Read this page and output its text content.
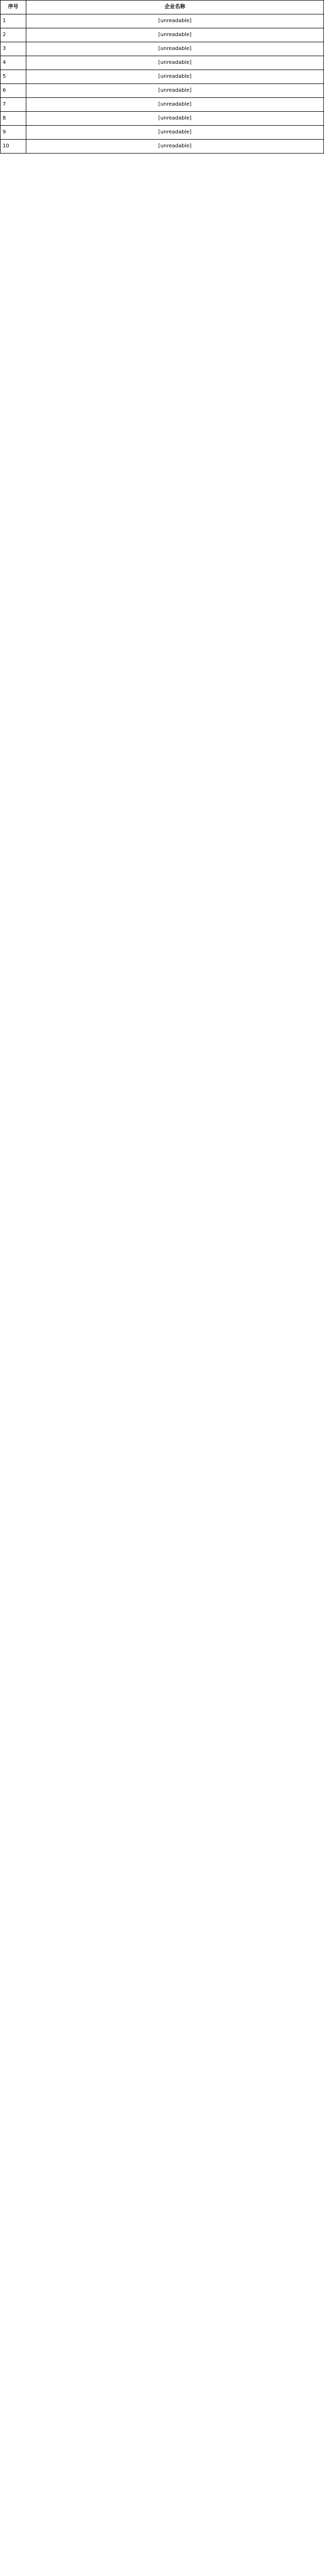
序号	企业名称
1	[unreadable]
2	[unreadable]
3	[unreadable]
4	[unreadable]
5	[unreadable]
6	[unreadable]
7	[unreadable]
8	[unreadable]
9	[unreadable]
10	[unreadable]
